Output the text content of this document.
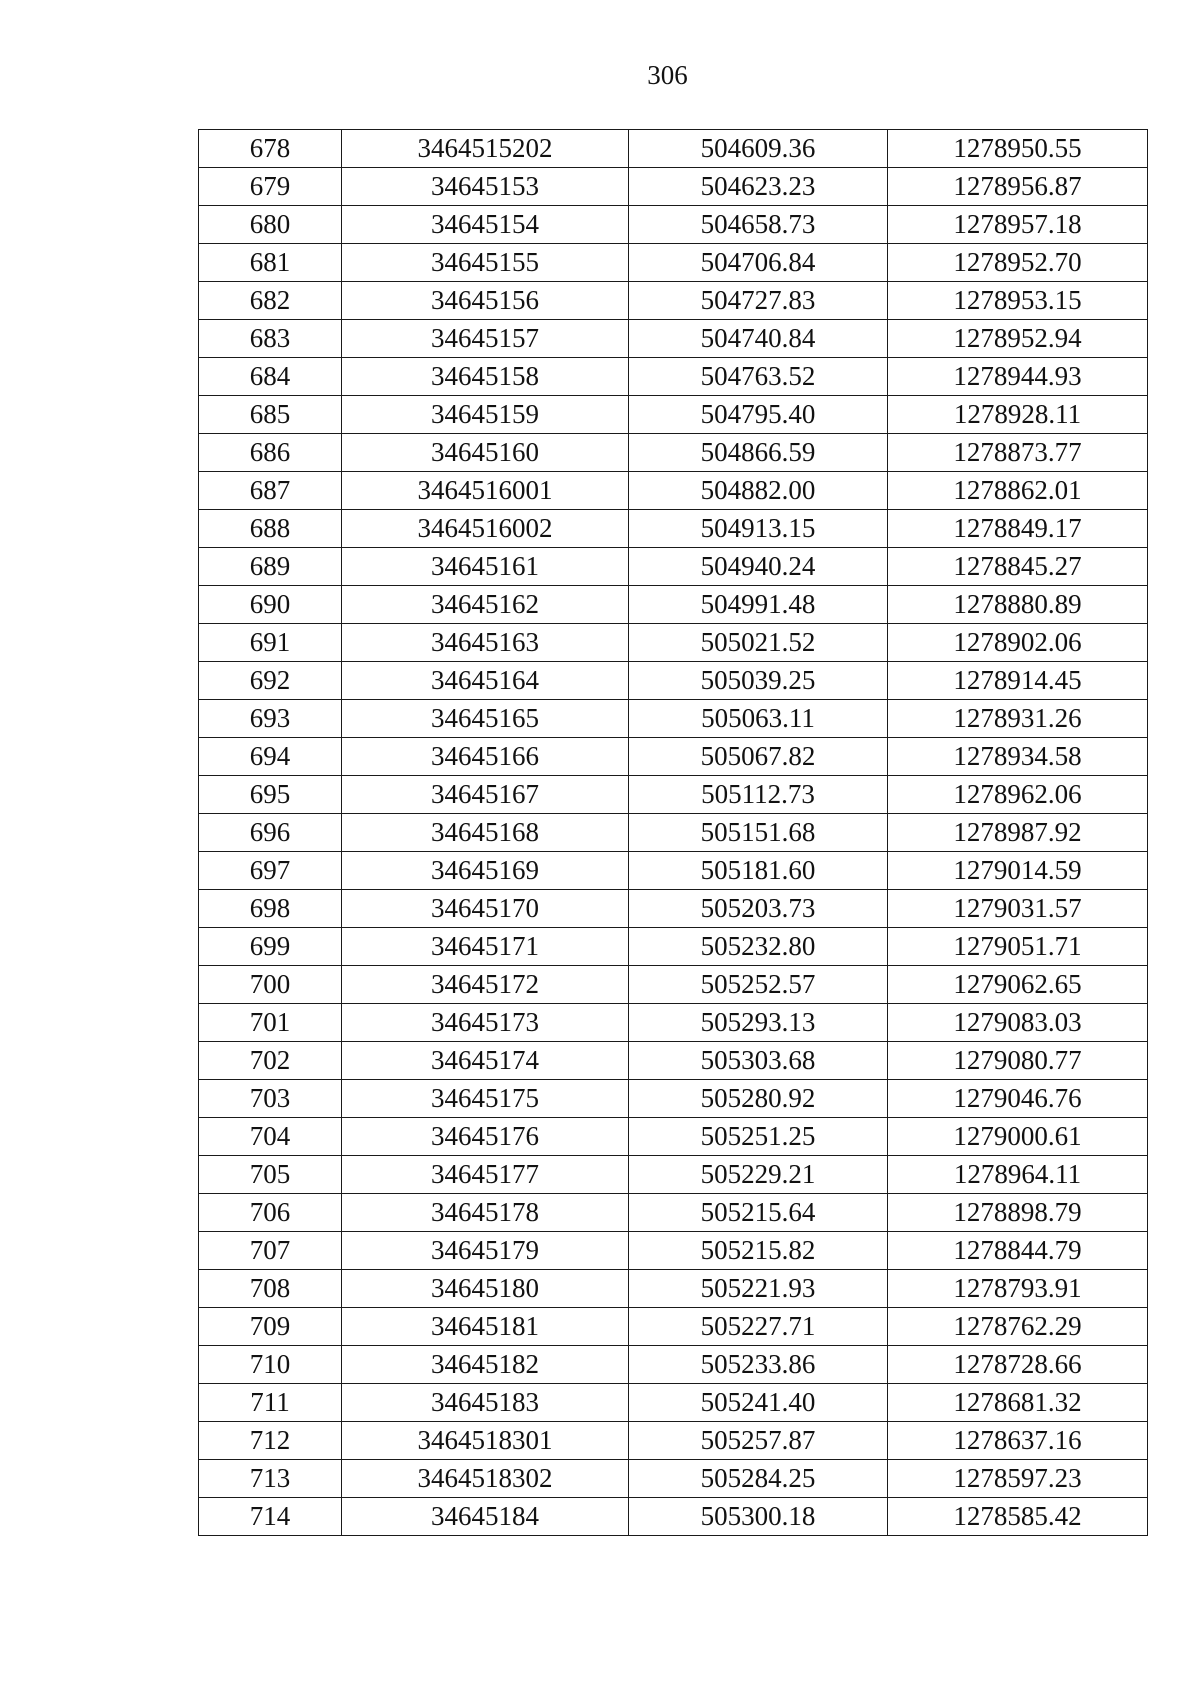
306
678	3464515202	504609.36	1278950.55
679	34645153	504623.23	1278956.87
680	34645154	504658.73	1278957.18
681	34645155	504706.84	1278952.70
682	34645156	504727.83	1278953.15
683	34645157	504740.84	1278952.94
684	34645158	504763.52	1278944.93
685	34645159	504795.40	1278928.11
686	34645160	504866.59	1278873.77
687	3464516001	504882.00	1278862.01
688	3464516002	504913.15	1278849.17
689	34645161	504940.24	1278845.27
690	34645162	504991.48	1278880.89
691	34645163	505021.52	1278902.06
692	34645164	505039.25	1278914.45
693	34645165	505063.11	1278931.26
694	34645166	505067.82	1278934.58
695	34645167	505112.73	1278962.06
696	34645168	505151.68	1278987.92
697	34645169	505181.60	1279014.59
698	34645170	505203.73	1279031.57
699	34645171	505232.80	1279051.71
700	34645172	505252.57	1279062.65
701	34645173	505293.13	1279083.03
702	34645174	505303.68	1279080.77
703	34645175	505280.92	1279046.76
704	34645176	505251.25	1279000.61
705	34645177	505229.21	1278964.11
706	34645178	505215.64	1278898.79
707	34645179	505215.82	1278844.79
708	34645180	505221.93	1278793.91
709	34645181	505227.71	1278762.29
710	34645182	505233.86	1278728.66
711	34645183	505241.40	1278681.32
712	3464518301	505257.87	1278637.16
713	3464518302	505284.25	1278597.23
714	34645184	505300.18	1278585.42
